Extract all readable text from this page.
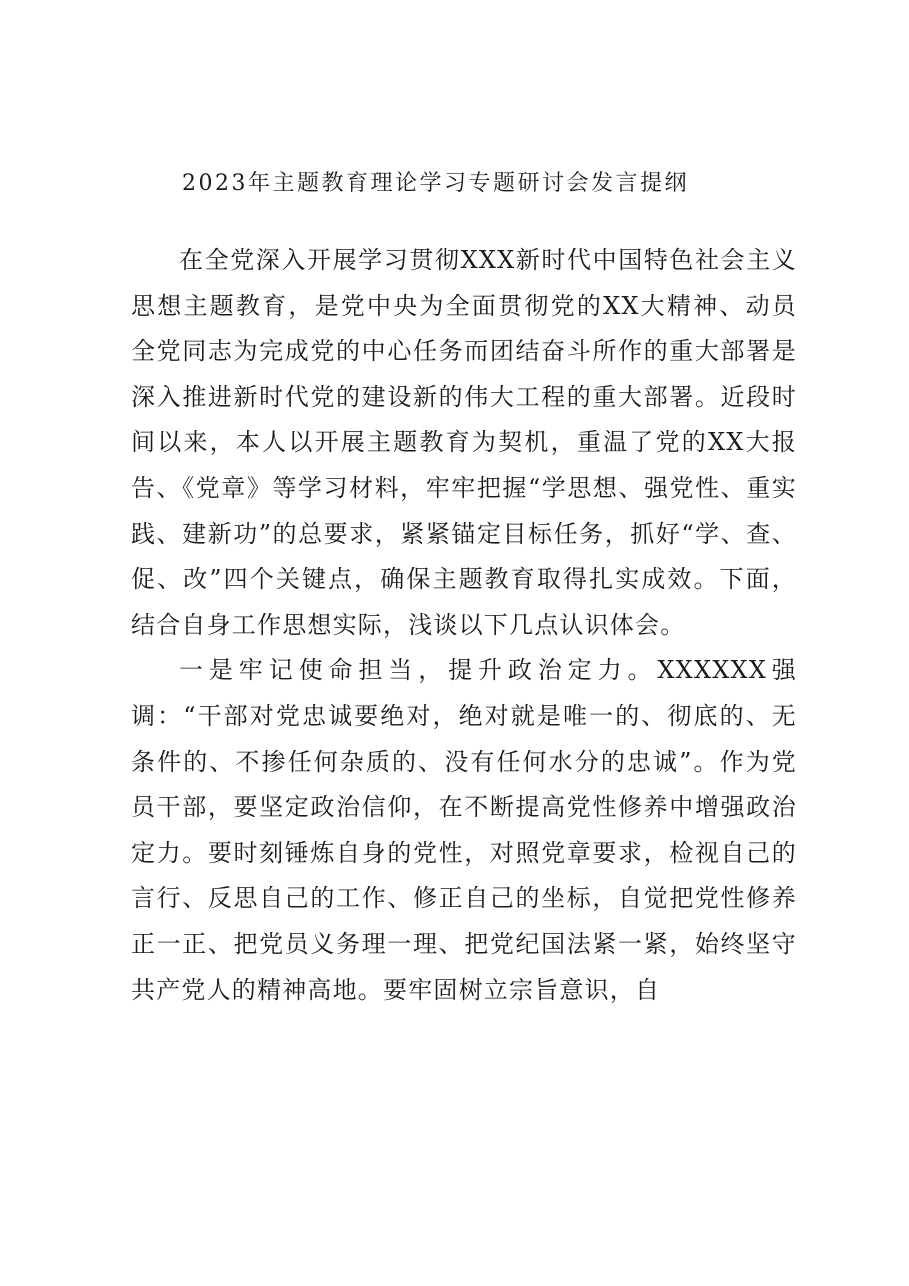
2023年主题教育理论学习专题研讨会发言提纲

在全党深入开展学习贯彻XXX新时代中国特色社会主义思想主题教育，是党中央为全面贯彻党的XX大精神、动员全党同志为完成党的中心任务而团结奋斗所作的重大部署是深入推进新时代党的建设新的伟大工程的重大部署。近段时间以来，本人以开展主题教育为契机，重温了党的XX大报告、《党章》等学习材料，牢牢把握“学思想、强党性、重实践、建新功”的总要求，紧紧锚定目标任务，抓好“学、查、促、改”四个关键点，确保主题教育取得扎实成效。下面，结合自身工作思想实际，浅谈以下几点认识体会。

一是牢记使命担当，提升政治定力。XXXXXX强调：“干部对党忠诚要绝对，绝对就是唯一的、彻底的、无条件的、不掺任何杂质的、没有任何水分的忠诚”。作为党员干部，要坚定政治信仰，在不断提高党性修养中增强政治定力。要时刻锤炼自身的党性，对照党章要求，检视自己的言行、反思自己的工作、修正自己的坐标，自觉把党性修养正一正、把党员义务理一理、把党纪国法紧一紧，始终坚守共产党人的精神高地。要牢固树立宗旨意识，自
